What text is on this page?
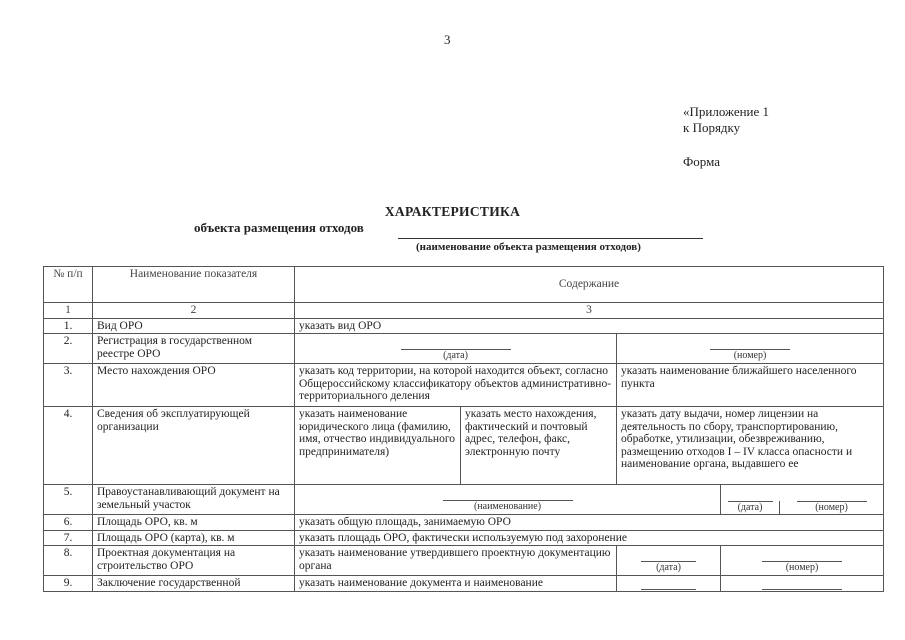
3
«Приложение 1
к Порядку
Форма
ХАРАКТЕРИСТИКА
объекта размещения отходов
(наименование объекта размещения отходов)
№ п/п	Наименование показателя	Содержание			
1	2	3			
1.	Вид ОРО	указать вид ОРО			
2.	Регистрация в государственном реестре ОРО	(дата)		(номер)	

3.	Место нахождения ОРО	указать код территории, на которой находится объект, согласно Общероссийскому классификатору объектов административно-территориального деления		указать наименование ближайшего населенного пункта	
4.	Сведения об эксплуатирующей организации	указать наименование юридического лица (фамилию, имя, отчество индивидуального предпринимателя)	указать место нахождения, фактический и почтовый адрес, телефон, факс, электронную почту	указать дату выдачи, номер лицензии на деятельность по сбору, транспортированию, обработке, утилизации, обезвреживанию, размещению отходов I – IV класса опасности и наименование органа, выдавшего ее	
5.	Правоустанавливающий документ на земельный участок	(наименование)			(дата) (номер)

6.	Площадь ОРО, кв. м	указать общую площадь, занимаемую ОРО			
7.	Площадь ОРО (карта), кв. м	указать площадь ОРО, фактически используемую под захоронение			
8.	Проектная документация на строительство ОРО	указать наименование утвердившего проектную документацию органа		(дата)	(номер)

9.	Заключение государственной	указать наименование документа и наименование		
